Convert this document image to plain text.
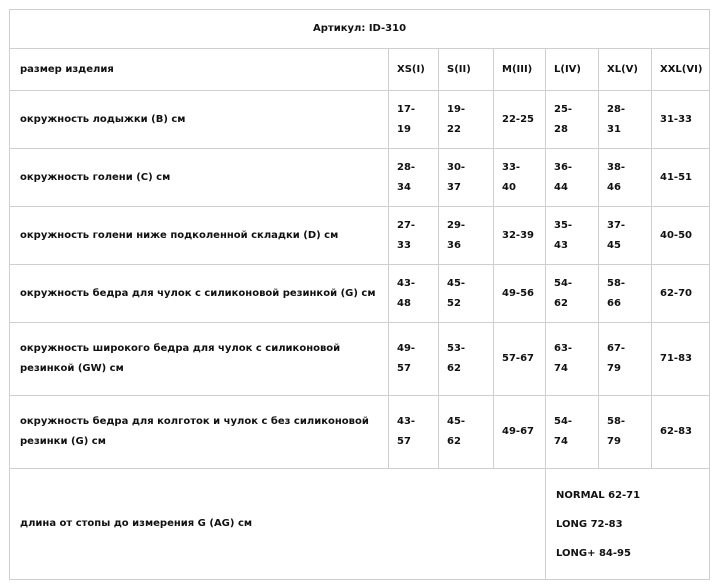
Артикул: ID-310						
размер изделия	XS(I)	S(II)	M(III)	L(IV)	XL(V)	XXL(VI)
окружность лодыжки (B) см	17-19	19-22	22-25	25-28	28-31	31-33
окружность голени (C) см	28-34	30-37	33-40	36-44	38-46	41-51
окружность голени ниже подколенной складки (D) см	27-33	29-36	32-39	35-43	37-45	40-50
окружность бедра для чулок с силиконовой резинкой (G) см	43-48	45-52	49-56	54-62	58-66	62-70
окружность широкого бедра для чулок с силиконовой резинкой (GW) см	49-57	53-62	57-67	63-74	67-79	71-83
окружность бедра для колготок и чулок с без силиконовой резинки (G) см	43-57	45-62	49-67	54-74	58-79	62-83
длина от стопы до измерения G (AG) см				NORMAL 62-71
LONG 72-83
LONG+ 84-95		
